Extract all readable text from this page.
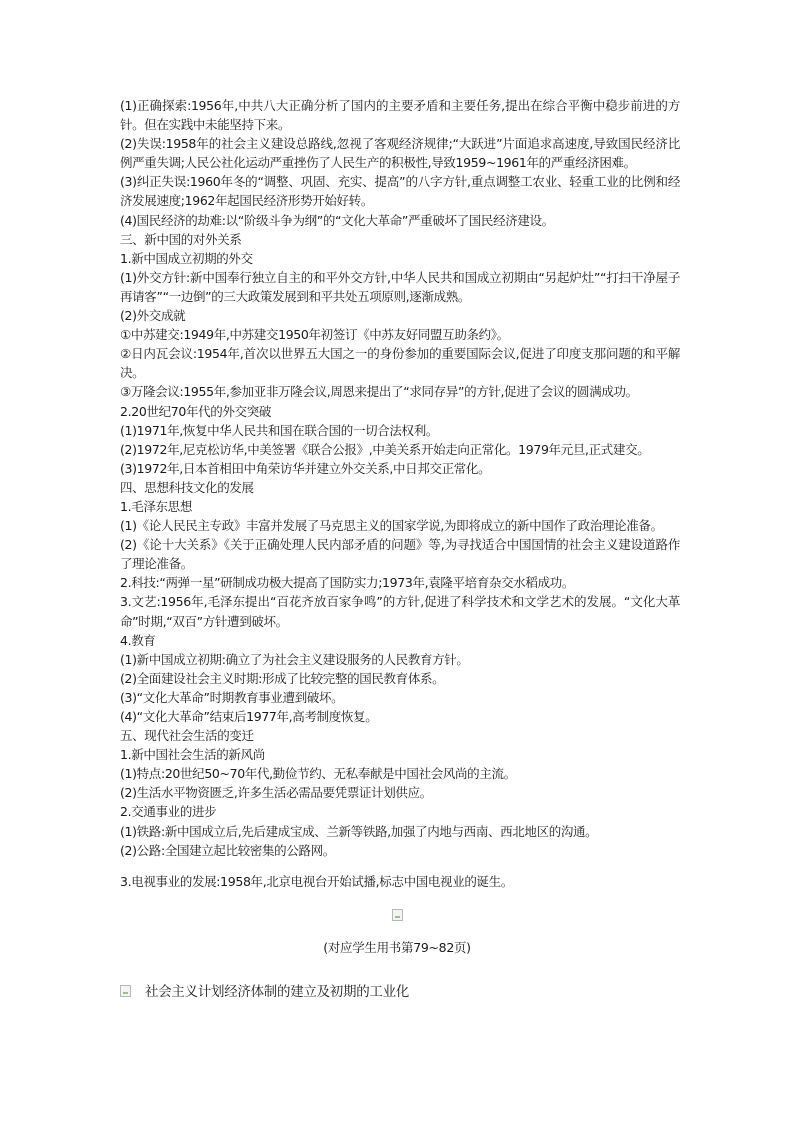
(1)正确探索:1956年,中共八大正确分析了国内的主要矛盾和主要任务,提出在综合平衡中稳步前进的方针。但在实践中未能坚持下来。

(2)失误:1958年的社会主义建设总路线,忽视了客观经济规律;“大跃进”片面追求高速度,导致国民经济比例严重失调;人民公社化运动严重挫伤了人民生产的积极性,导致1959~1961年的严重经济困难。

(3)纠正失误:1960年冬的“调整、巩固、充实、提高”的八字方针,重点调整工农业、轻重工业的比例和经济发展速度;1962年起国民经济形势开始好转。

(4)国民经济的劫难:以“阶级斗争为纲”的“文化大革命”严重破坏了国民经济建设。

三、新中国的对外关系

1.新中国成立初期的外交

(1)外交方针:新中国奉行独立自主的和平外交方针,中华人民共和国成立初期由“另起炉灶”“打扫干净屋子再请客”“一边倒”的三大政策发展到和平共处五项原则,逐渐成熟。

(2)外交成就

①中苏建交:1949年,中苏建交1950年初签订《中苏友好同盟互助条约》。

②日内瓦会议:1954年,首次以世界五大国之一的身份参加的重要国际会议,促进了印度支那问题的和平解决。

③万隆会议:1955年,参加亚非万隆会议,周恩来提出了“求同存异”的方针,促进了会议的圆满成功。

2.20世纪70年代的外交突破

(1)1971年,恢复中华人民共和国在联合国的一切合法权利。

(2)1972年,尼克松访华,中美签署《联合公报》,中美关系开始走向正常化。1979年元旦,正式建交。

(3)1972年,日本首相田中角荣访华并建立外交关系,中日邦交正常化。

四、思想科技文化的发展

1.毛泽东思想

(1)《论人民民主专政》丰富并发展了马克思主义的国家学说,为即将成立的新中国作了政治理论准备。

(2)《论十大关系》《关于正确处理人民内部矛盾的问题》等,为寻找适合中国国情的社会主义建设道路作了理论准备。

2.科技:“两弹一星”研制成功极大提高了国防实力;1973年,袁隆平培育杂交水稻成功。

3.文艺:1956年,毛泽东提出“百花齐放百家争鸣”的方针,促进了科学技术和文学艺术的发展。“文化大革命”时期,“双百”方针遭到破坏。

4.教育

(1)新中国成立初期:确立了为社会主义建设服务的人民教育方针。

(2)全面建设社会主义时期:形成了比较完整的国民教育体系。

(3)“文化大革命”时期教育事业遭到破坏。

(4)“文化大革命”结束后1977年,高考制度恢复。

五、现代社会生活的变迁

1.新中国社会生活的新风尚

(1)特点:20世纪50~70年代,勤俭节约、无私奉献是中国社会风尚的主流。

(2)生活水平物资匮乏,许多生活必需品要凭票证计划供应。

2.交通事业的进步

(1)铁路:新中国成立后,先后建成宝成、兰新等铁路,加强了内地与西南、西北地区的沟通。

(2)公路:全国建立起比较密集的公路网。

3.电视事业的发展:1958年,北京电视台开始试播,标志中国电视业的诞生。

(对应学生用书第79~82页)
社会主义计划经济体制的建立及初期的工业化
